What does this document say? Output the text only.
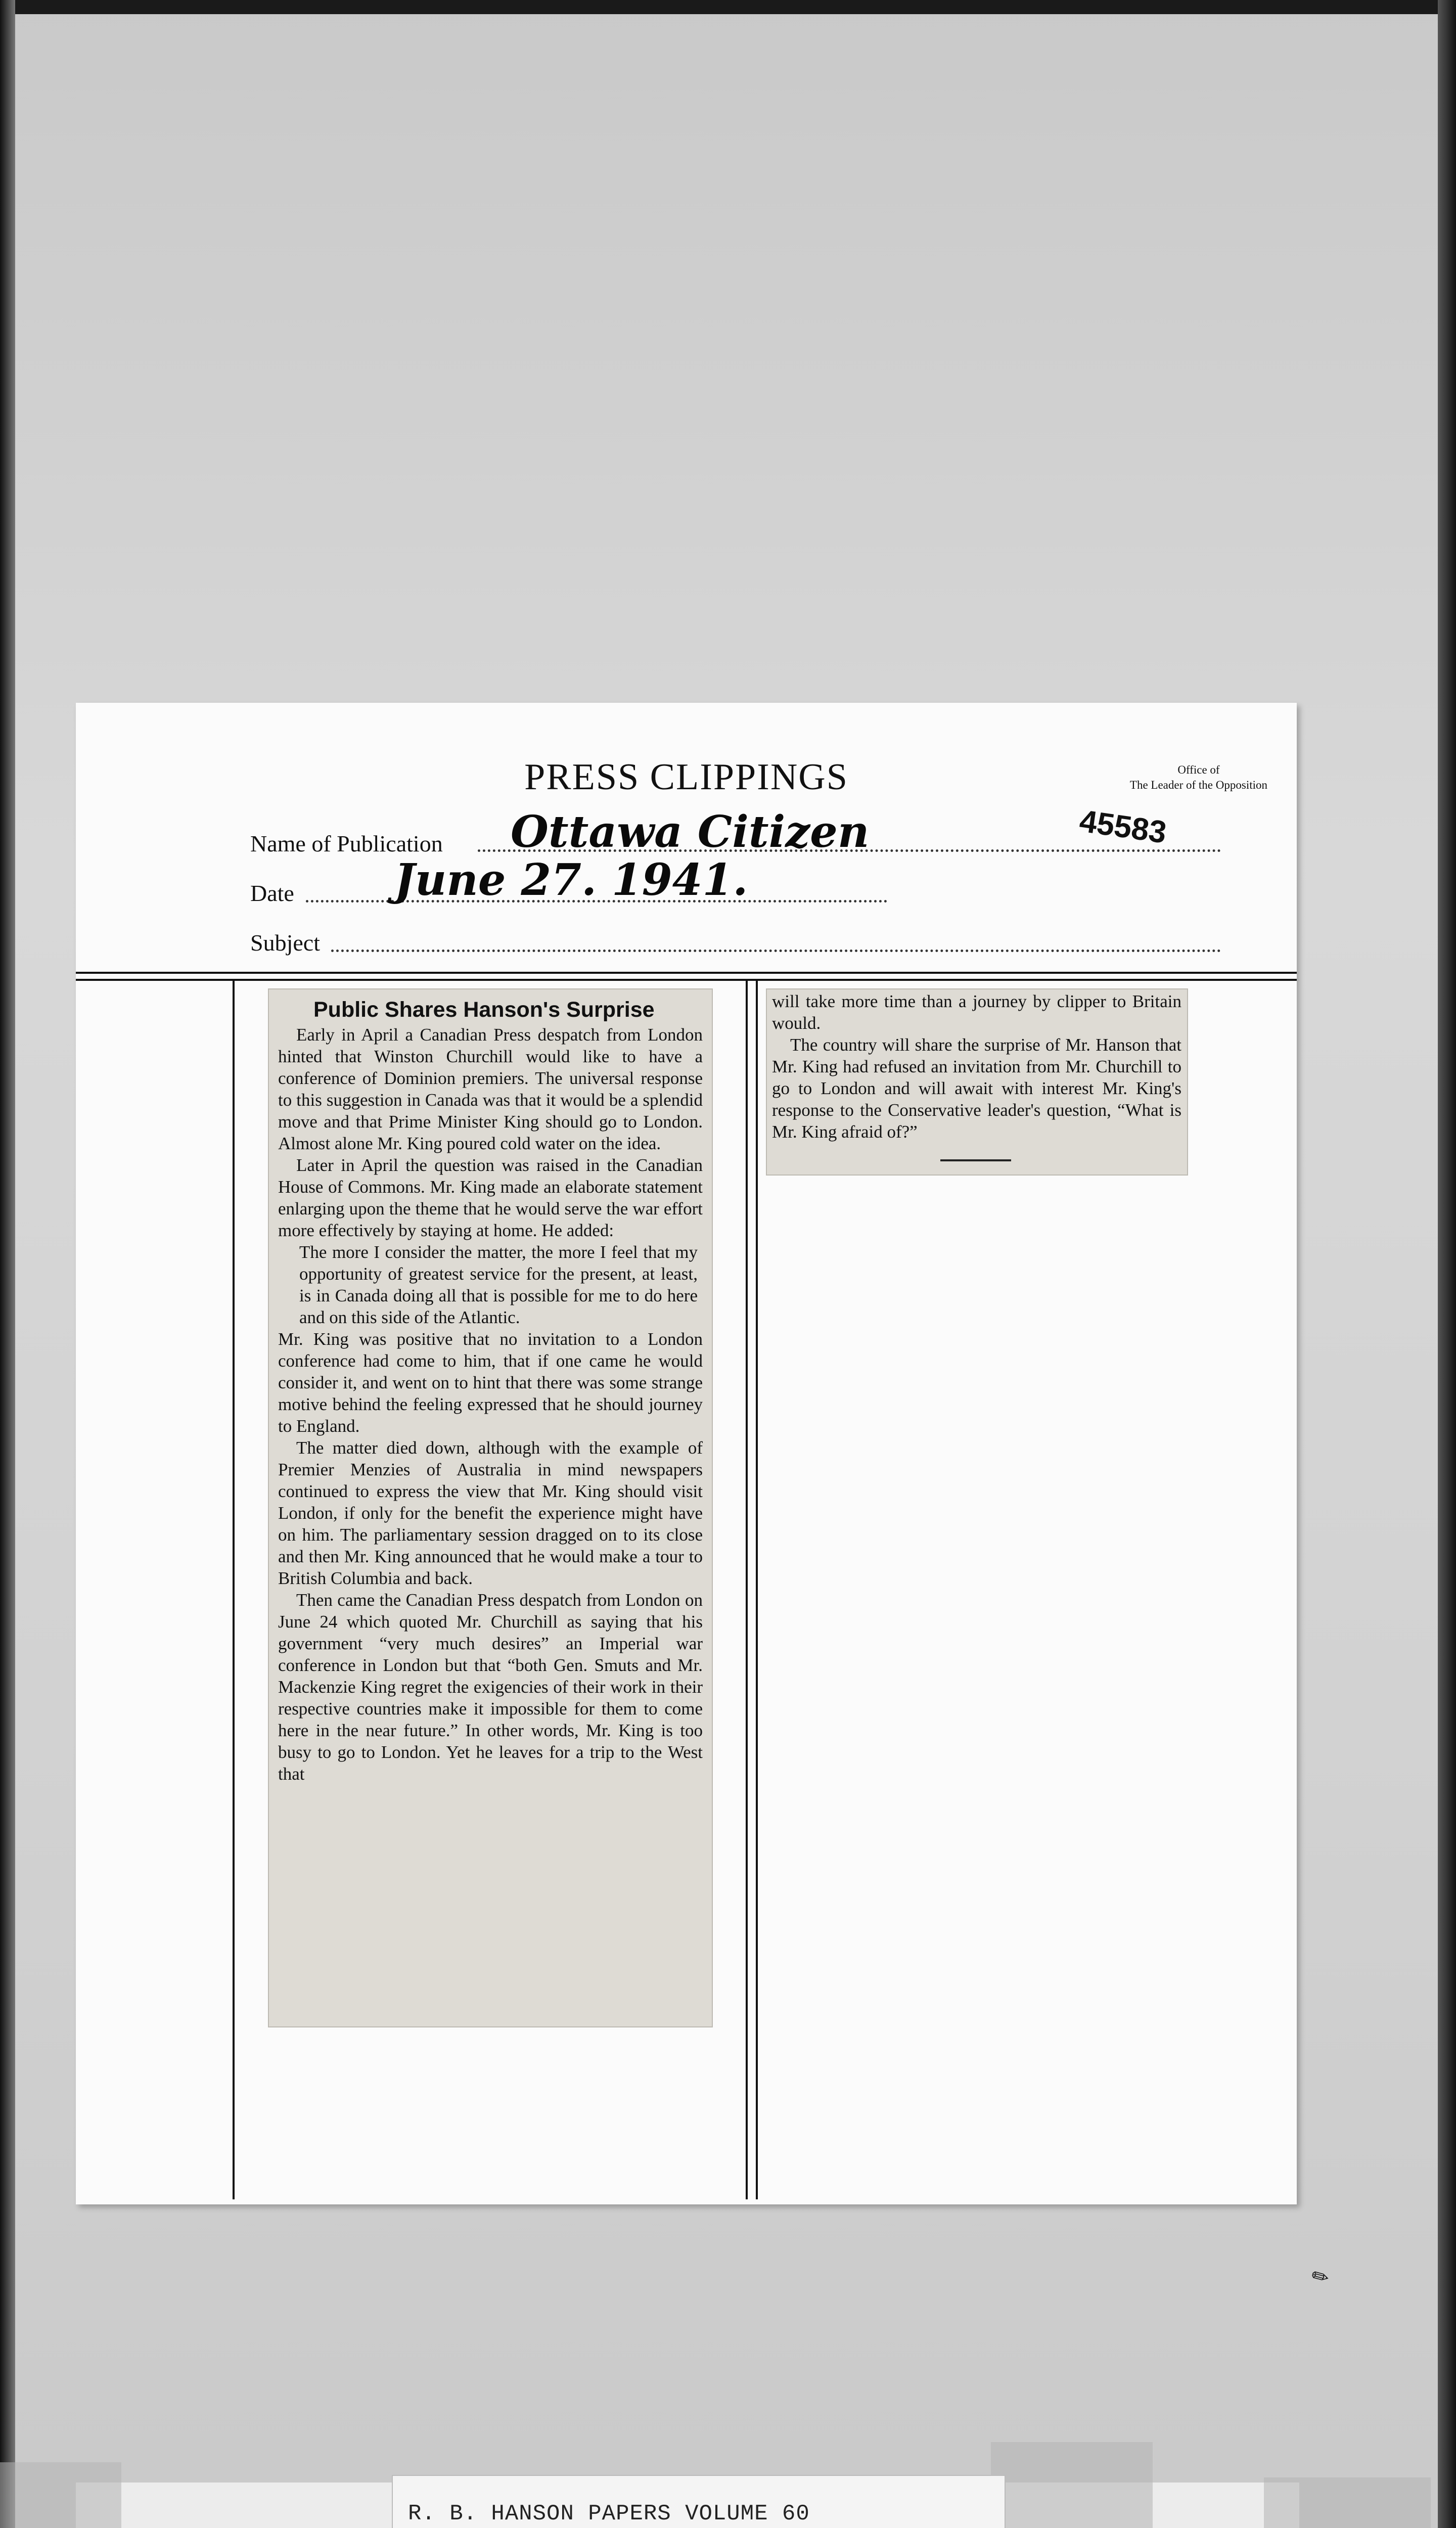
PRESS CLIPPINGS	Office of
The Leader of the Opposition
Name of Publication Ottawa Citizen
Date June 27. 1941.
Subject
45583
Public Shares Hanson's Surprise

Early in April a Canadian Press despatch from London hinted that Winston Churchill would like to have a conference of Dominion premiers. The universal response to this suggestion in Canada was that it would be a splendid move and that Prime Minister King should go to London. Almost alone Mr. King poured cold water on the idea.

Later in April the question was raised in the Canadian House of Commons. Mr. King made an elaborate statement enlarging upon the theme that he would serve the war effort more effectively by staying at home. He added:

The more I consider the matter, the more I feel that my opportunity of greatest service for the present, at least, is in Canada doing all that is possible for me to do here and on this side of the Atlantic.

Mr. King was positive that no invitation to a London conference had come to him, that if one came he would consider it, and went on to hint that there was some strange motive behind the feeling expressed that he should journey to England.

The matter died down, although with the example of Premier Menzies of Australia in mind newspapers continued to express the view that Mr. King should visit London, if only for the benefit the experience might have on him. The parliamentary session dragged on to its close and then Mr. King announced that he would make a tour to British Columbia and back.

Then came the Canadian Press despatch from London on June 24 which quoted Mr. Churchill as saying that his government “very much desires” an Imperial war conference in London but that “both Gen. Smuts and Mr. Mackenzie King regret the exigencies of their work in their respective countries make it impossible for them to come here in the near future.” In other words, Mr. King is too busy to go to London. Yet he leaves for a trip to the West that

will take more time than a journey by clipper to Britain would.

The country will share the surprise of Mr. Hanson that Mr. King had refused an invitation from Mr. Churchill to go to London and will await with interest Mr. King's response to the Conservative leader's question, “What is Mr. King afraid of?”

✎
R. B. HANSON PAPERS VOLUME 60
